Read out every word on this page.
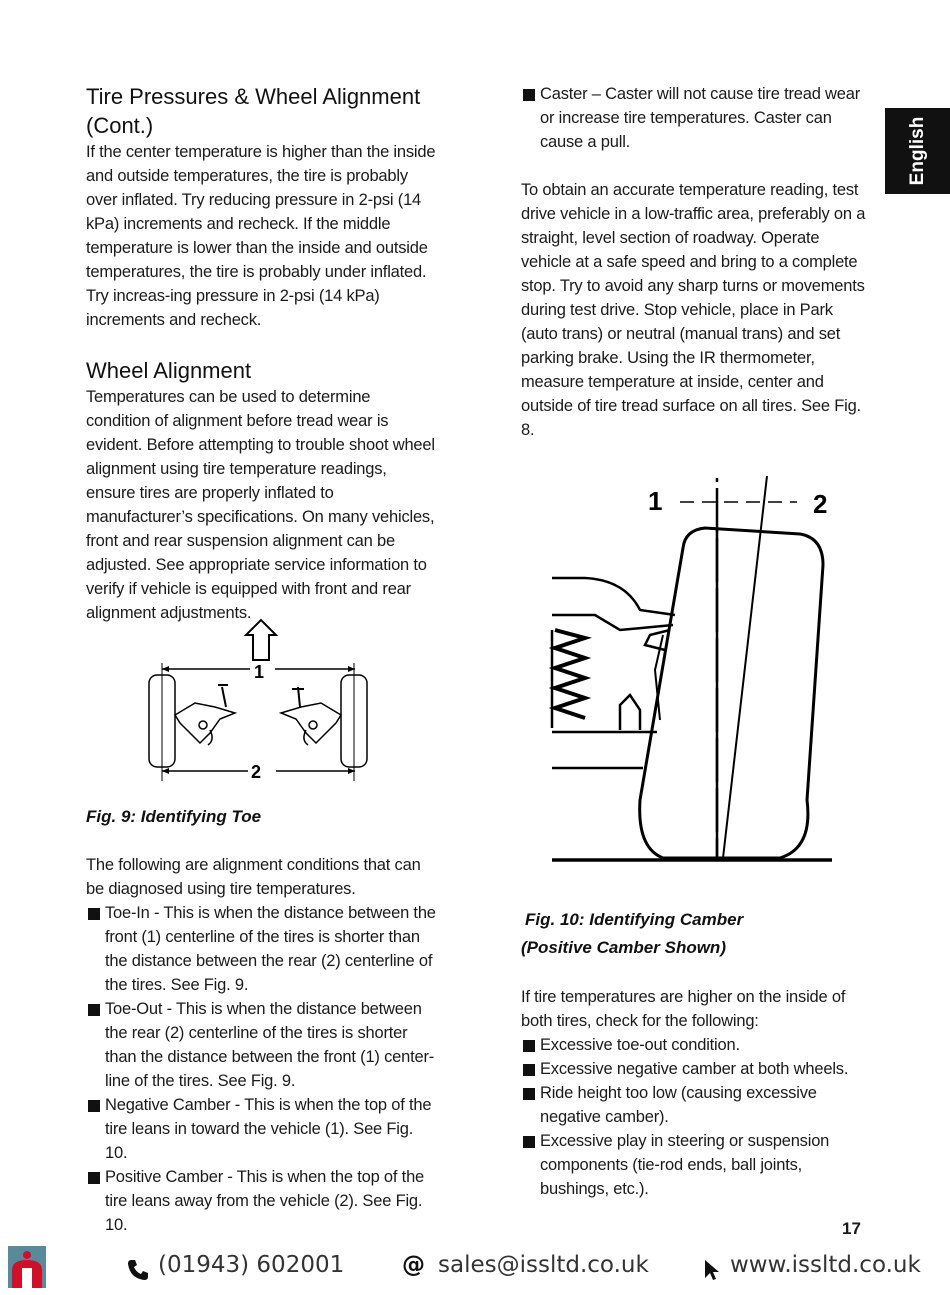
Tire Pressures & Wheel Alignment (Cont.)

If the center temperature is higher than the inside and outside temperatures, the tire is probably over inflated. Try reducing pressure in 2-psi (14 kPa) increments and recheck. If the middle temperature is lower than the inside and outside temperatures, the tire is probably under inflated. Try increas-ing pressure in 2-psi (14 kPa) increments and recheck.

Wheel Alignment

Temperatures can be used to determine condition of alignment before tread wear is evident. Before attempting to trouble shoot wheel alignment using tire temperature readings, ensure tires are properly inflated to manufacturer’s specifications. On many vehicles, front and rear suspension alignment can be adjusted. See appropriate service information to verify if vehicle is equipped with front and rear alignment adjustments.

1
2
Fig. 9: Identifying Toe

The following are alignment conditions that can be diagnosed using tire temperatures.

Toe-In - This is when the distance between the front (1) centerline of the tires is shorter than the distance between the rear (2) centerline of the tires. See Fig. 9.
Toe-Out - This is when the distance between the rear (2) centerline of the tires is shorter than the distance between the front (1) center-line of the tires. See Fig. 9.
Negative Camber - This is when the top of the tire leans in toward the vehicle (1). See Fig. 10.
Positive Camber - This is when the top of the tire leans away from the vehicle (2). See Fig. 10.
Caster – Caster will not cause tire tread wear or increase tire temperatures. Caster can cause a pull.

To obtain an accurate temperature reading, test drive vehicle in a low-traffic area, preferably on a straight, level section of roadway. Operate vehicle at a safe speed and bring to a complete stop. Try to avoid any sharp turns or movements during test drive. Stop vehicle, place in Park (auto trans) or neutral (manual trans) and set parking brake. Using the IR thermometer, measure temperature at inside, center and outside of tire tread surface on all tires. See Fig. 8.

1	2
Fig. 10: Identifying Camber
(Positive Camber Shown)

If tire temperatures are higher on the inside of both tires, check for the following:

Excessive toe-out condition.
Excessive negative camber at both wheels.
Ride height too low (causing excessive negative camber).
Excessive play in steering or suspension components (tie-rod ends, ball joints, bushings, etc.).
English
17
(01943) 602001	@ sales@issltd.co.uk	www.issltd.co.uk
